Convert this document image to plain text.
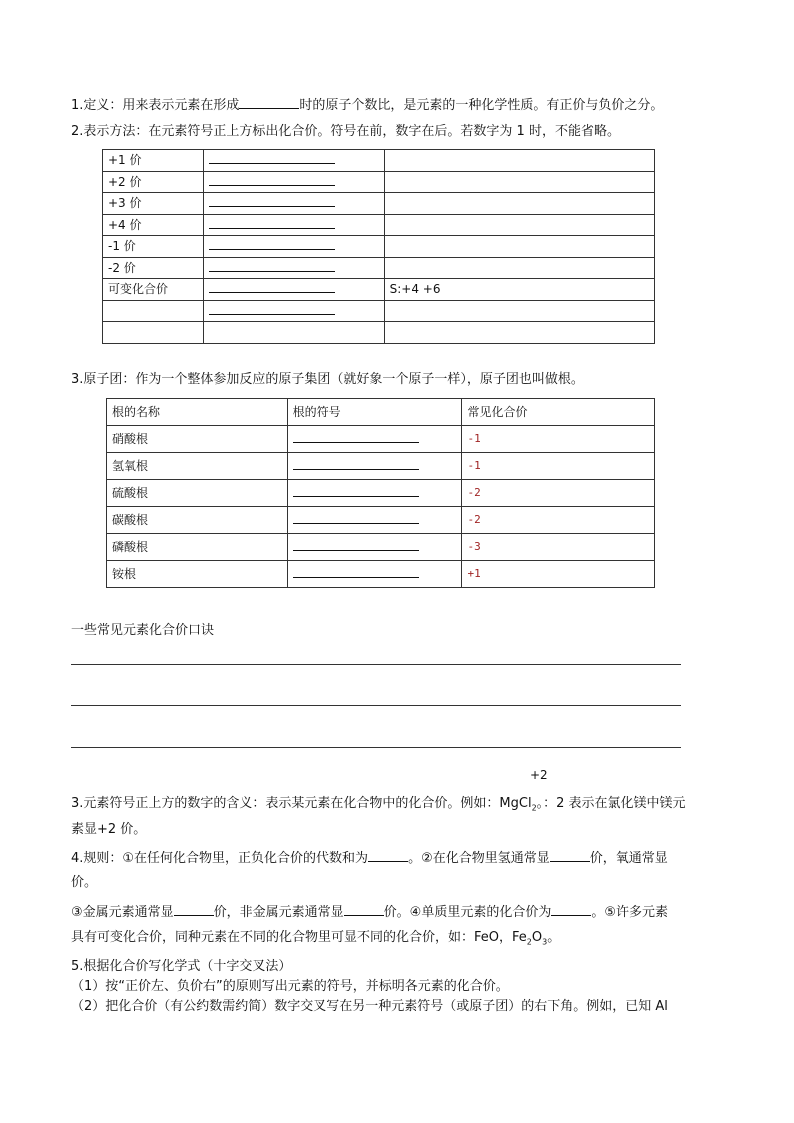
1.定义：用来表示元素在形成	时的原子个数比，是元素的一种化学性质。有正价与负价之分。
2.表示方法：在元素符号正上方标出化合价。符号在前，数字在后。若数字为 1 时，不能省略。
+1 价		
+2 价		
+3 价		
+4 价		
-1 价		
-2 价		
可变化合价		S:+4 +6

3.原子团：作为一个整体参加反应的原子集团（就好象一个原子一样），原子团也叫做根。
根的名称	根的符号	常见化合价
硝酸根		-1
氢氧根		-1
硫酸根		-2
碳酸根		-2
磷酸根		-3
铵根		+1
一些常见元素化合价口诀
+2
3.元素符号正上方的数字的含义：表示某元素在化合物中的化合价。例如：MgCl$_2$。：2 表示在氯化镁中镁元
素显+2 价。
4.规则：①在任何化合物里，正负化合价的代数和为	。②在化合物里氢通常显	价，氧通常显
价。
③金属元素通常显	价，非金属元素通常显	价。④单质里元素的化合价为	。⑤许多元素
具有可变化合价，同种元素在不同的化合物里可显不同的化合价，如：FeO，$Fe_2O_3$。
5.根据化合价写化学式（十字交叉法）
（1）按“正价左、负价右”的原则写出元素的符号，并标明各元素的化合价。
（2）把化合价（有公约数需约简）数字交叉写在另一种元素符号（或原子团）的右下角。例如，已知 Al
